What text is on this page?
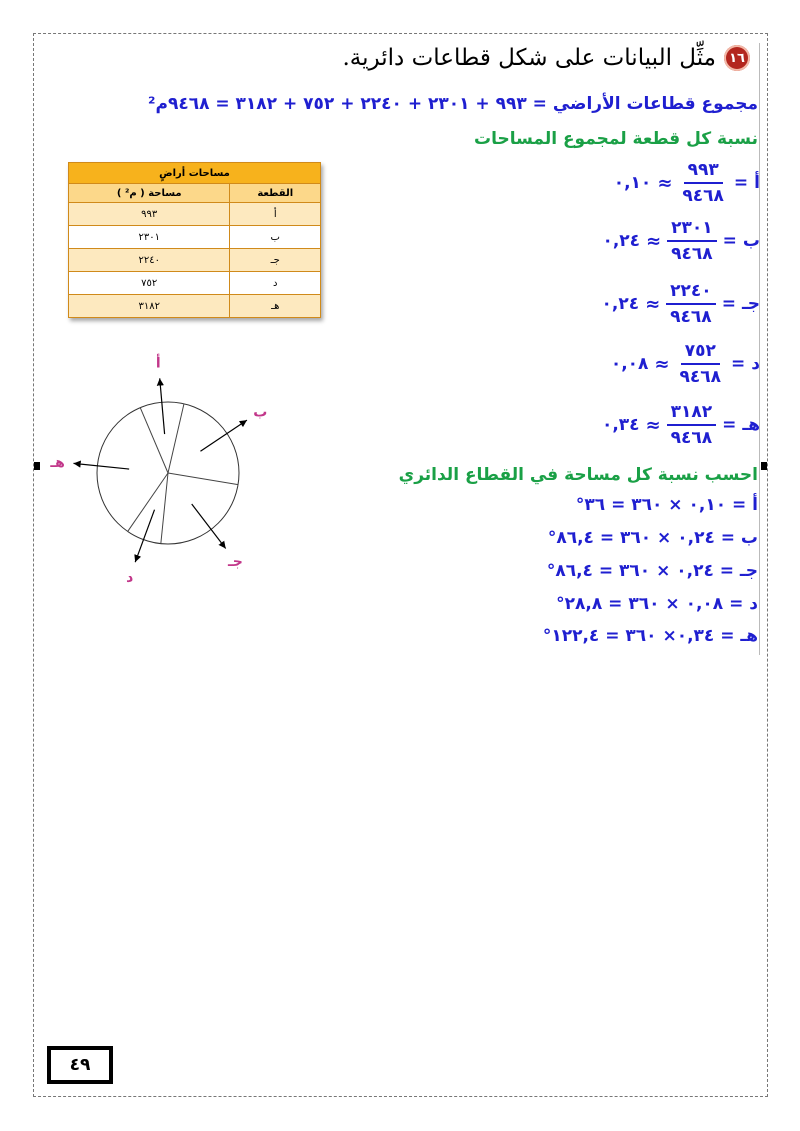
١٦
مثِّل البيانات على شكل قطاعات دائرية.
مجموع قطاعات الأراضي = ٩٩٣ + ٢٣٠١ + ٢٢٤٠ + ٧٥٢ + ٣١٨٢ = ٩٤٦٨م²
نسبة كل قطعة لمجموع المساحات
أ
=
$\frac{٩٩٣}{٩٤٦٨}$
≈
٠,١٠
ب
=
$\frac{٢٣٠١}{٩٤٦٨}$
≈
٠,٢٤
جـ
=
$\frac{٢٢٤٠}{٩٤٦٨}$
≈
٠,٢٤
د
=
$\frac{٧٥٢}{٩٤٦٨}$
≈
٠,٠٨
هـ
=
$\frac{٣١٨٢}{٩٤٦٨}$
≈
٠,٣٤
احسب نسبة كل مساحة في القطاع الدائري
أ = ٠,١٠ × ٣٦٠ = ٣٦°
ب = ٠,٢٤ × ٣٦٠ = ٨٦,٤°
جـ = ٠,٢٤ × ٣٦٠ = ٨٦,٤°
د = ٠,٠٨ × ٣٦٠ = ٢٨,٨°
هـ = ٠,٣٤× ٣٦٠ = ١٢٢,٤°
مساحات أراضٍ	
القطعة	مساحة ( م² )
أ	٩٩٣
ب	٢٣٠١
جـ	٢٢٤٠
د	٧٥٢
هـ	٣١٨٢
ب
جـ
د
هـ
أ
٤٩
